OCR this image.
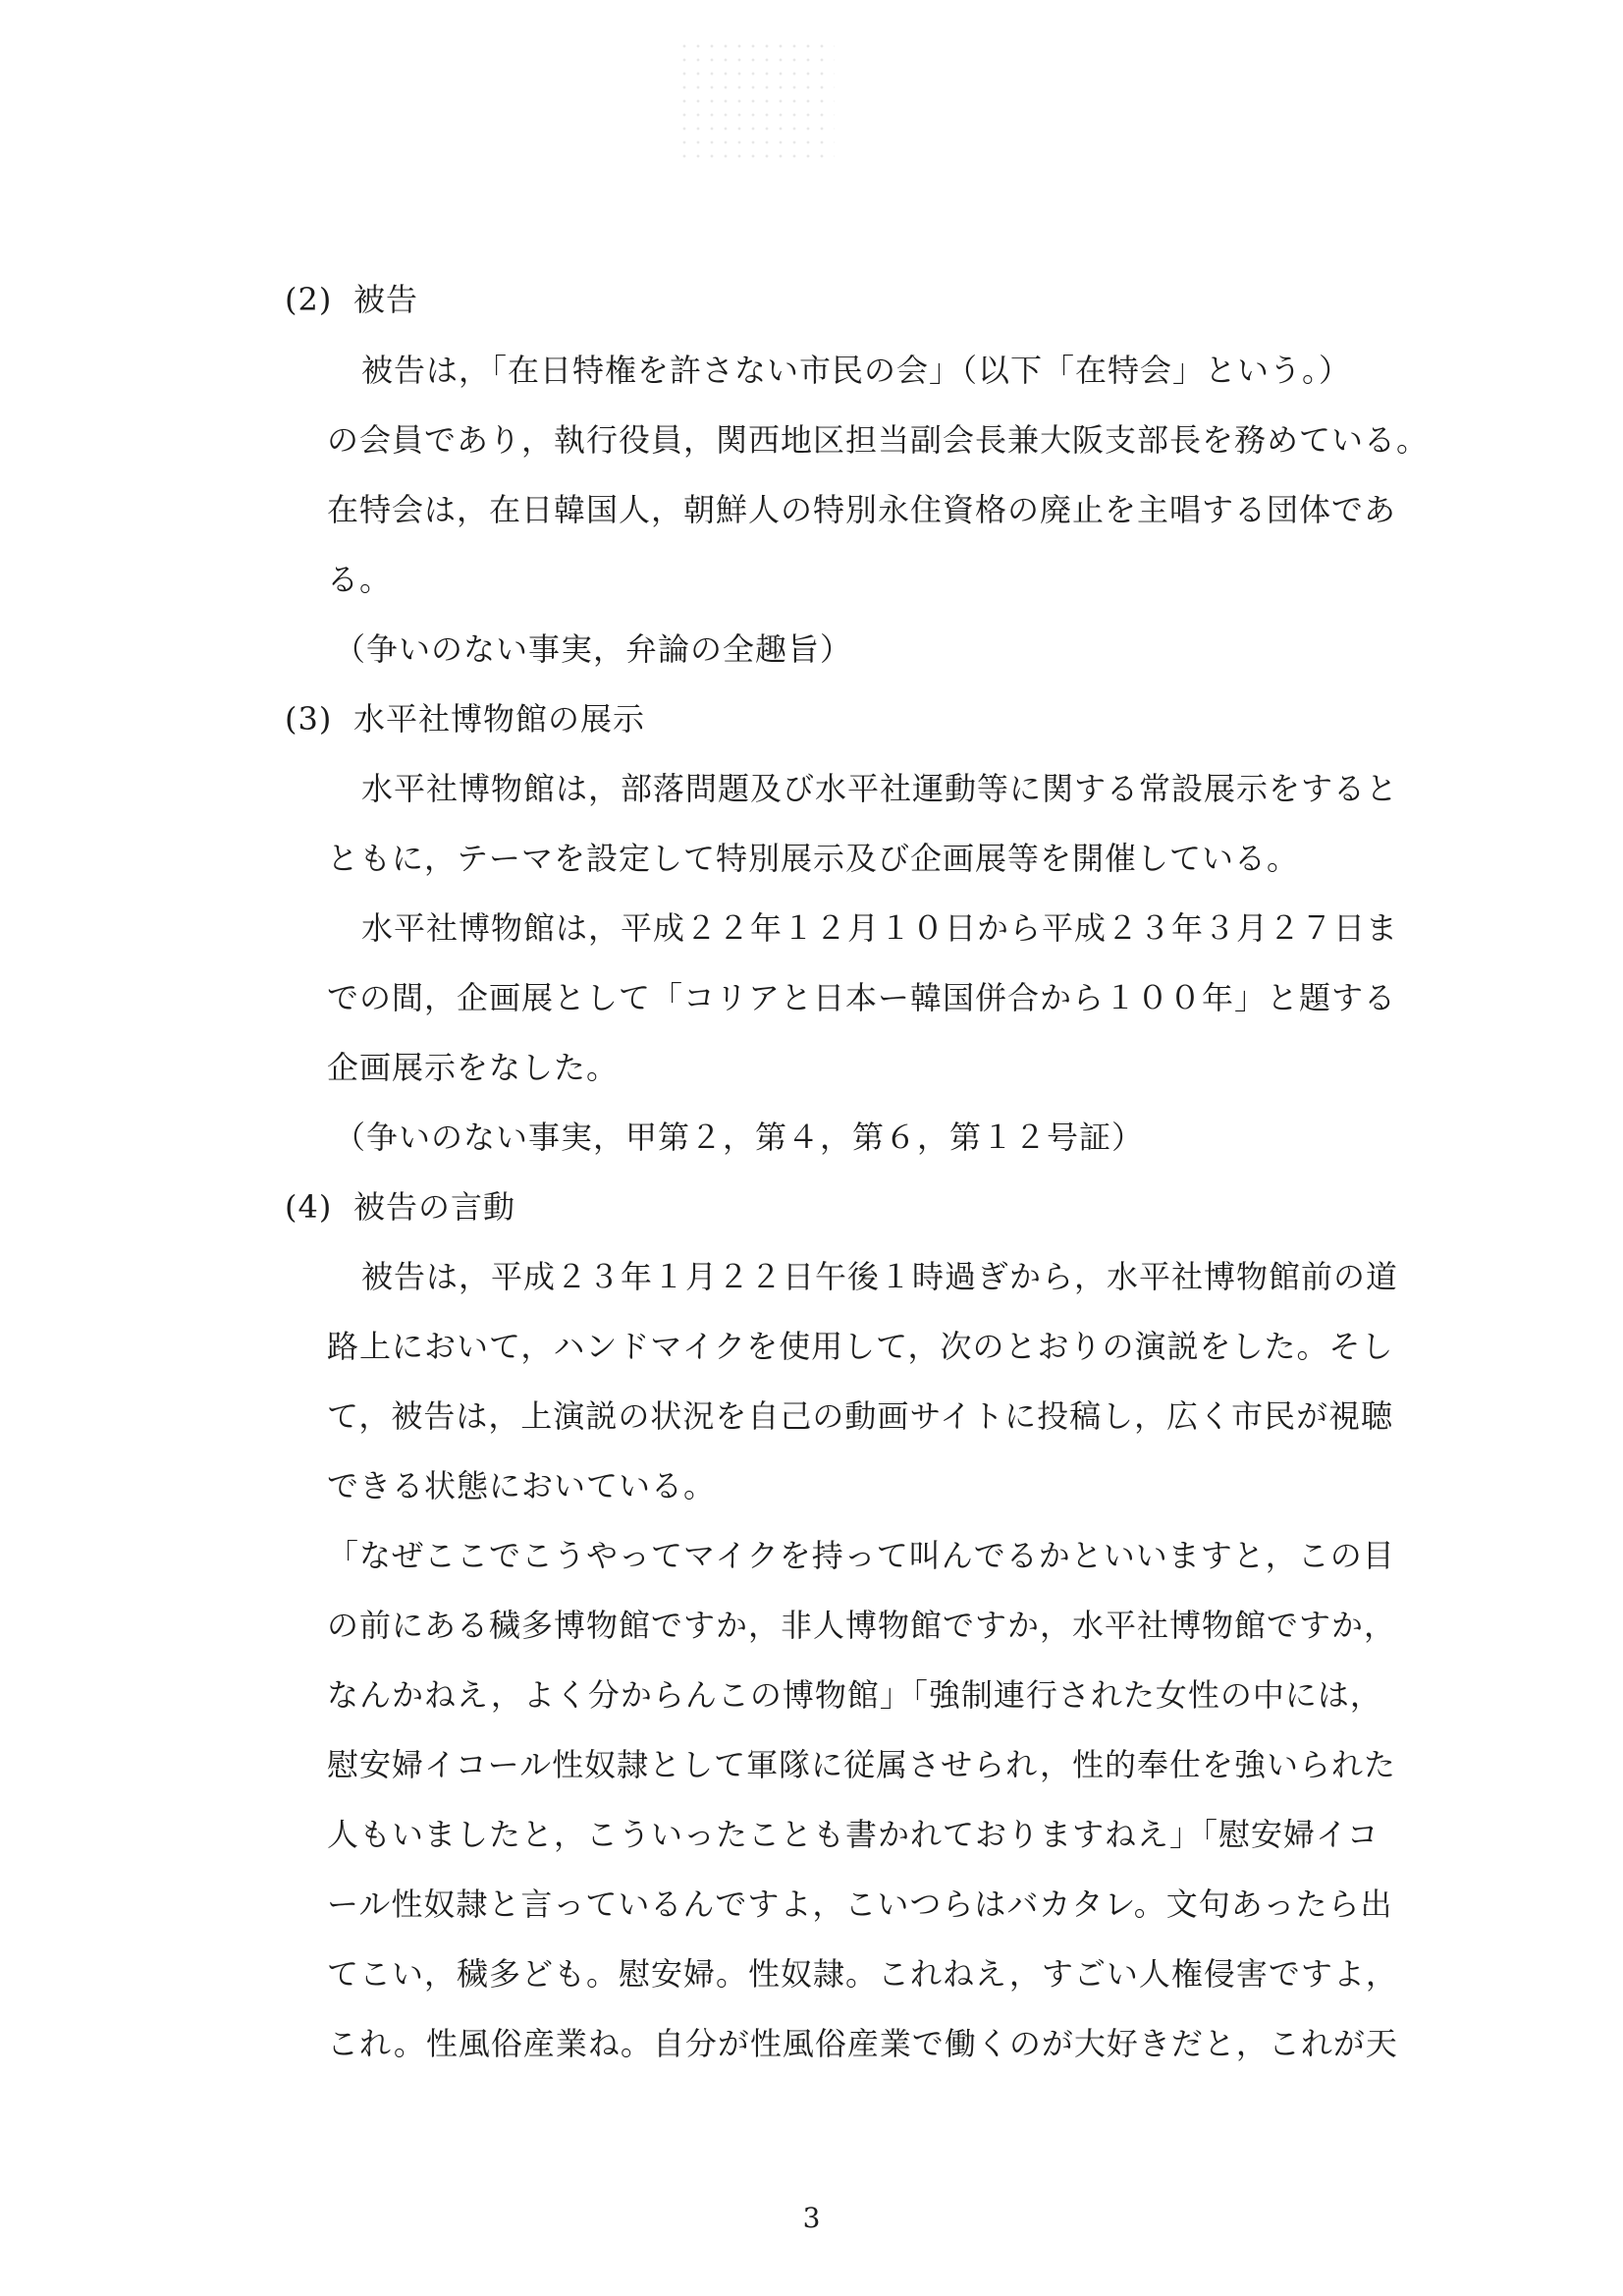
(2) 被告
被告は，「在日特権を許さない市民の会」（以下「在特会」という。）
の会員であり，執行役員，関西地区担当副会長兼大阪支部長を務めている。
在特会は，在日韓国人，朝鮮人の特別永住資格の廃止を主唱する団体であ
る。
（争いのない事実，弁論の全趣旨）
(3) 水平社博物館の展示
水平社博物館は，部落問題及び水平社運動等に関する常設展示をすると
ともに，テーマを設定して特別展示及び企画展等を開催している。
水平社博物館は，平成２２年１２月１０日から平成２３年３月２７日ま
での間，企画展として「コリアと日本ー韓国併合から１００年」と題する
企画展示をなした。
（争いのない事実，甲第２，第４，第６，第１２号証）
(4) 被告の言動
被告は，平成２３年１月２２日午後１時過ぎから，水平社博物館前の道
路上において，ハンドマイクを使用して，次のとおりの演説をした。そし
て，被告は，上演説の状況を自己の動画サイトに投稿し，広く市民が視聴
できる状態においている。
「なぜここでこうやってマイクを持って叫んでるかといいますと，この目
の前にある穢多博物館ですか，非人博物館ですか，水平社博物館ですか，
なんかねえ，よく分からんこの博物館」「強制連行された女性の中には，
慰安婦イコール性奴隷として軍隊に従属させられ，性的奉仕を強いられた
人もいましたと，こういったことも書かれておりますねえ」「慰安婦イコ
ール性奴隷と言っているんですよ，こいつらはバカタレ。文句あったら出
てこい，穢多ども。慰安婦。性奴隷。これねえ，すごい人権侵害ですよ，
これ。性風俗産業ね。自分が性風俗産業で働くのが大好きだと，これが天
3
